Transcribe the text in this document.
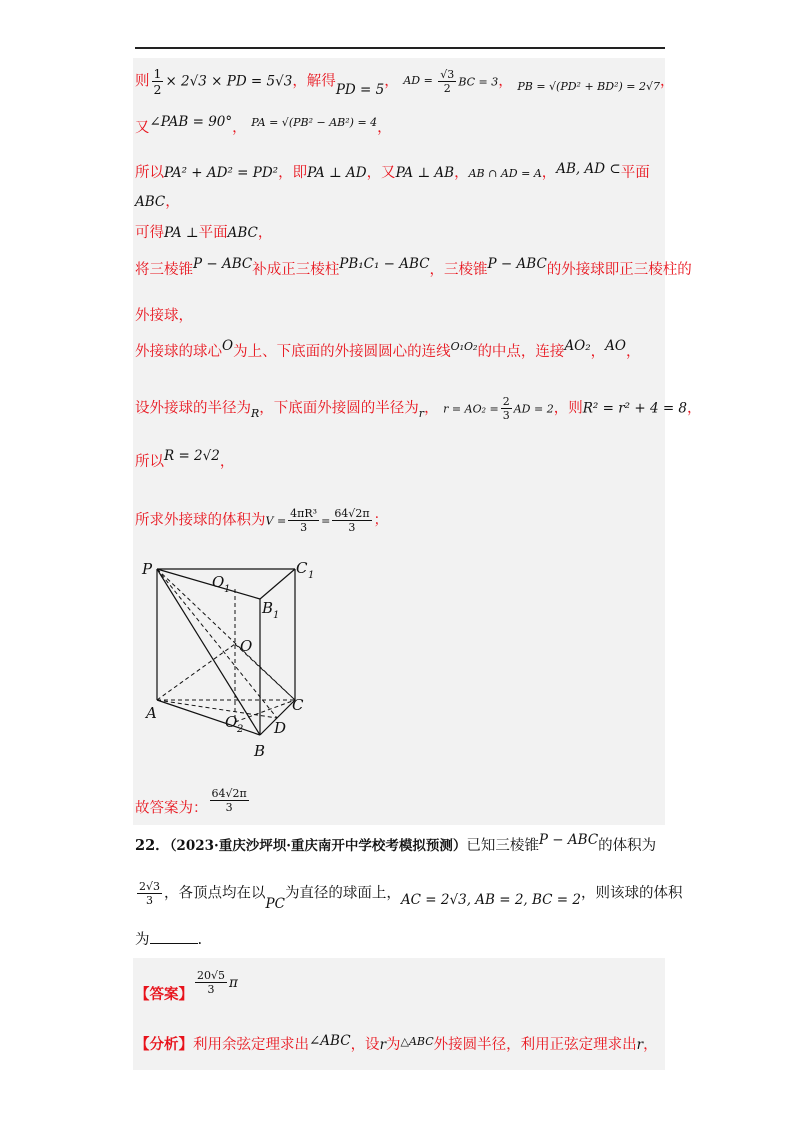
则 $\frac{1}{2} \times 2√3$ × PD = 5√3，解得PD = 5， AD = $\frac{√3}{2}$ BC = 3， $_{PB = √(PD^2 + BD^2) = 2√7}$，
又∠PAB = 90°， $^{PA = √(PB^2 - AB^2) = 4}$，
所以PA² + AD² = PD²，即PA ⊥ AD，又PA ⊥ AB，AB ∩ AD = A，AB, AD ⊂平面
ABC，
可得PA ⊥平面ABC，
将三棱锥P − ABC补成正三棱柱PB₁C₁ − ABC，三棱锥P − ABC的外接球即正三棱柱的
外接球，
外接球的球心O为上、下底面的外接圆圆心的连线$^{O_1O_2}$的中点，连接AO₂，AO，
设外接球的半径为$_R$，下底面外接圆的半径为$_r$， $r = AO_2 = \frac{2}{3}$ AD = 2，则R² = r² + 4 = 8，
所以R = 2√2，
所求外接球的体积为$V = \frac{\text{4πR³}}{3} = \frac{64√2\pi}{3}$ ；
P
O 1
C 1
B 1
O
A	C
O 2 D
B
故答案为： $\frac{64√2\pi}{3}$
22．（2023·重庆沙坪坝·重庆南开中学校考模拟预测）已知三棱锥P − ABC的体积为
$\frac{2√3}{3}$ ，各顶点均在以PC为直径的球面上，AC = 2√3, AB = 2, BC = 2，则该球的体积
为	.
【答案】 $\frac{20√5}{3}$ π
【分析】利用余弦定理求出∠ABC，设r为$^{\triangle ABC}$外接圆半径，利用正弦定理求出r，
